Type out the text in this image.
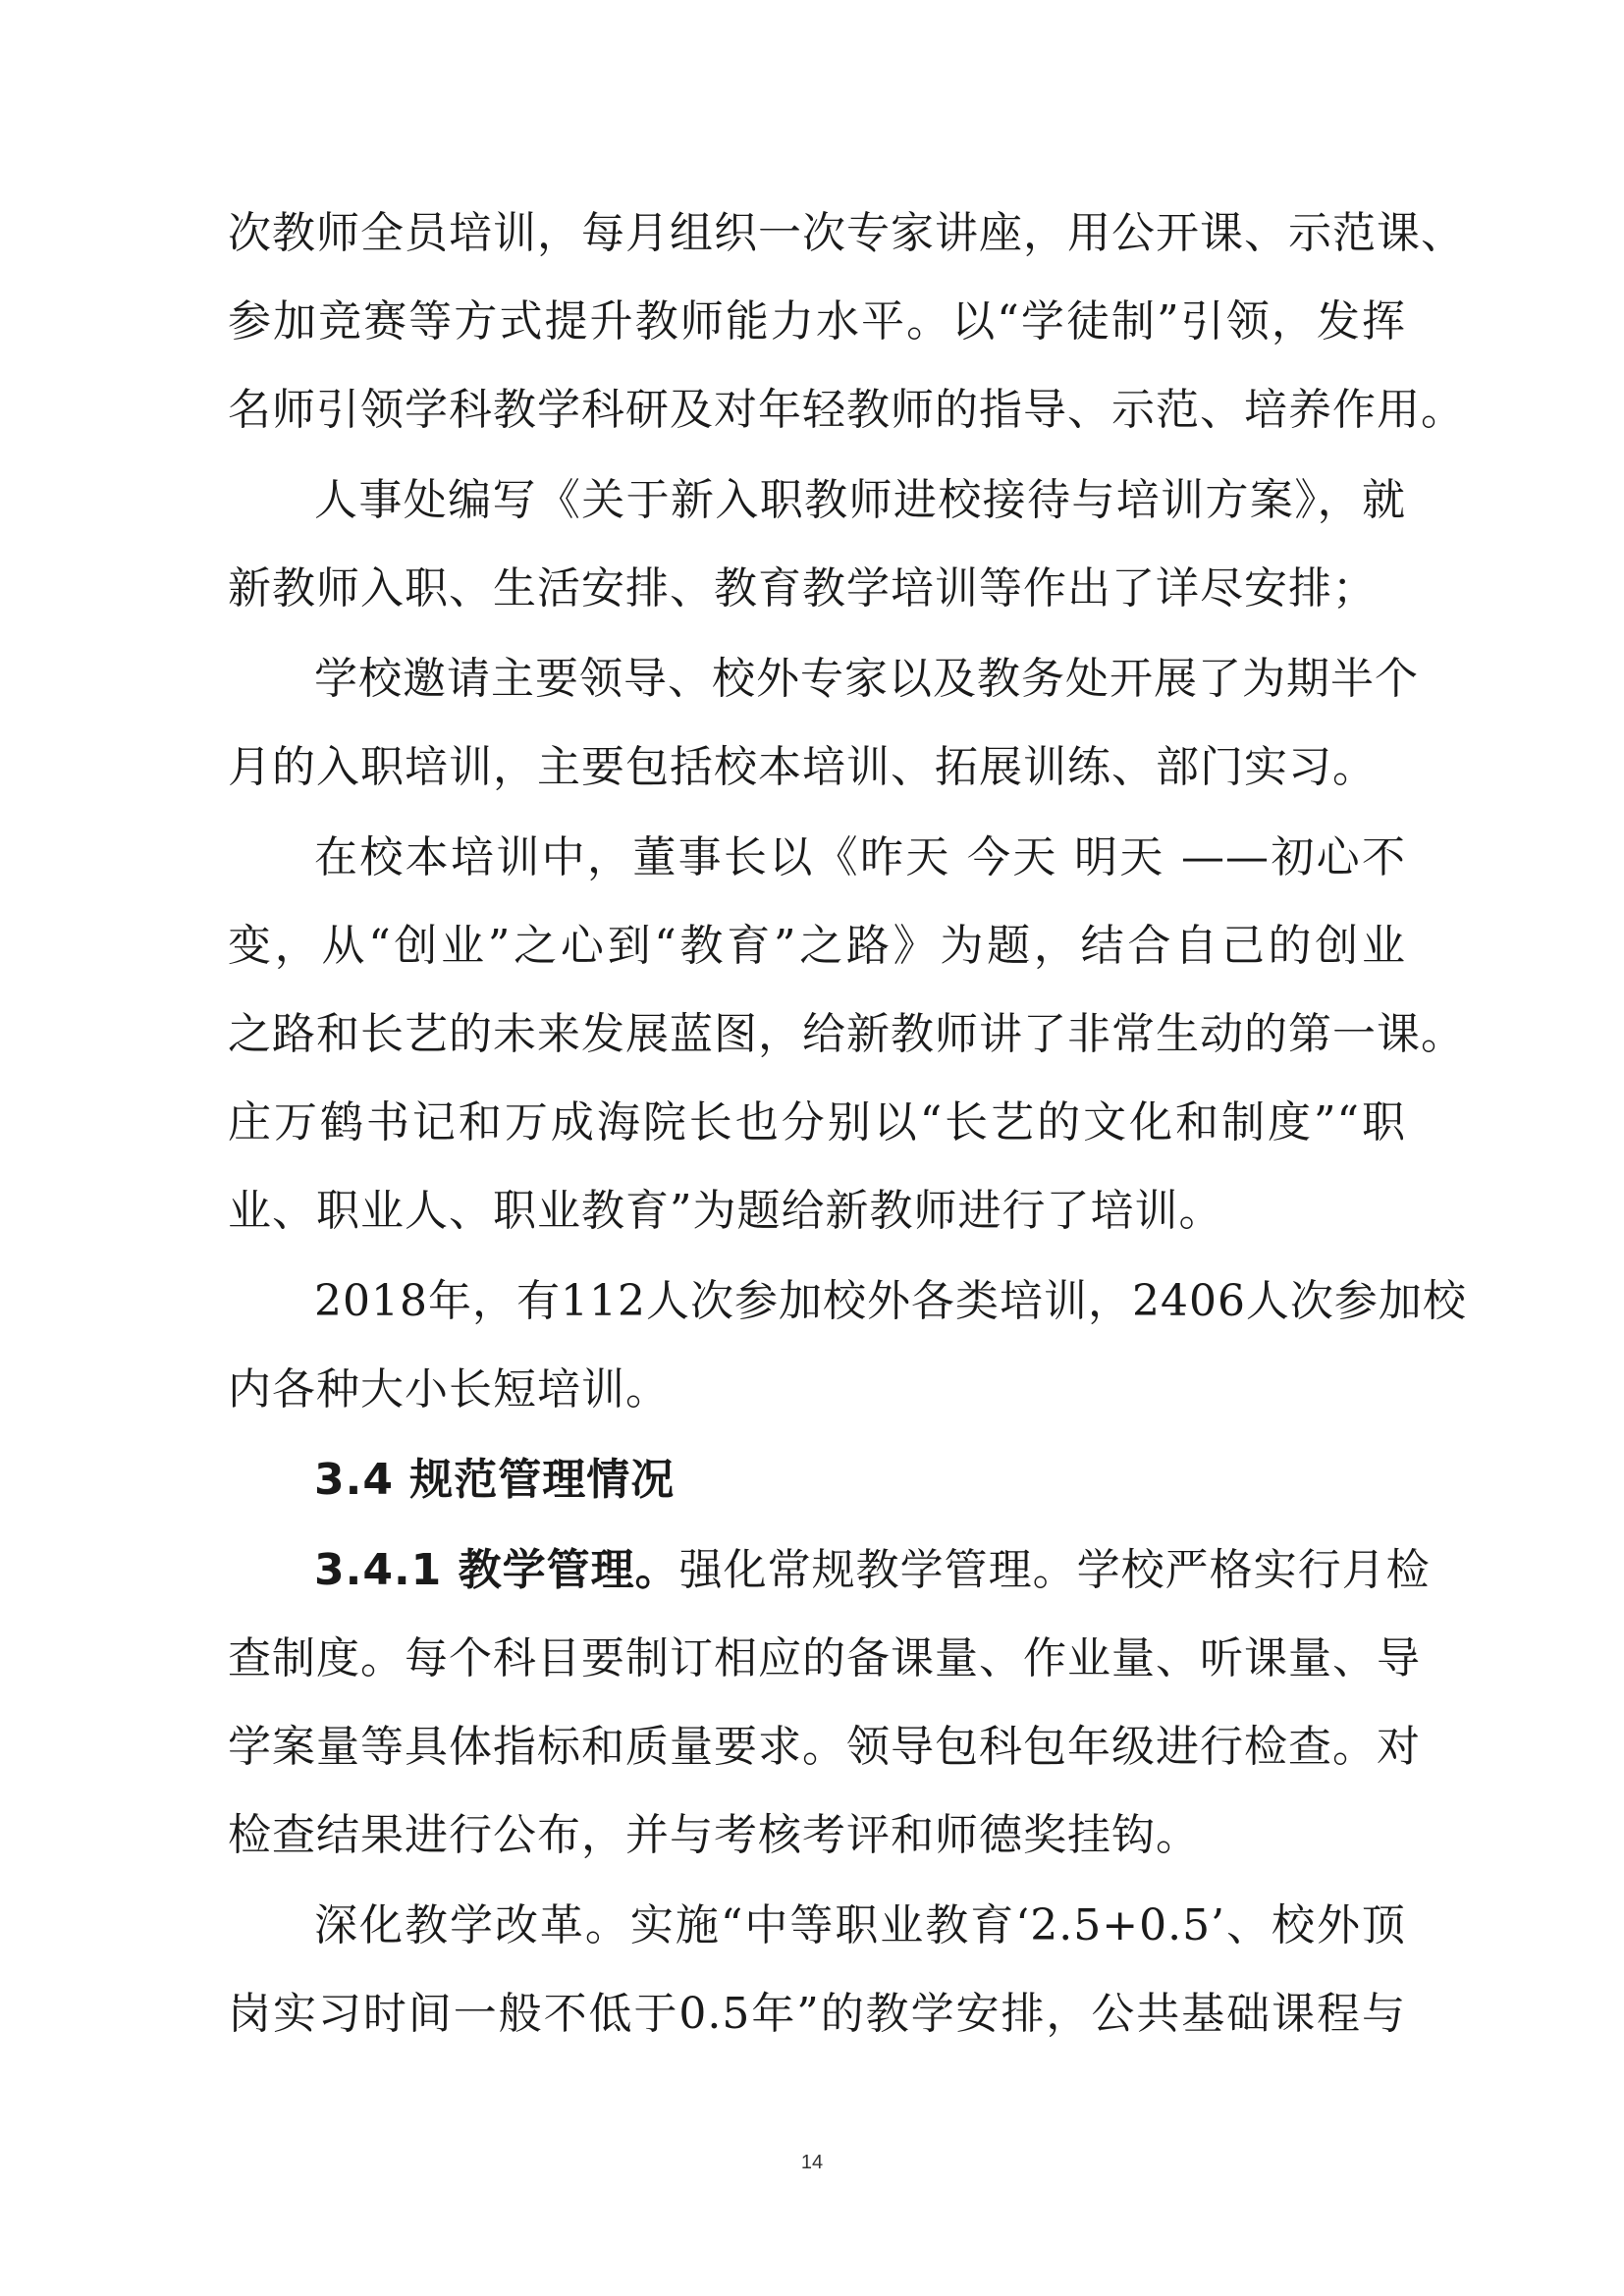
次教师全员培训，每月组织一次专家讲座，用公开课、示范课、
参加竞赛等方式提升教师能力水平。以“学徒制”引领，发挥
名师引领学科教学科研及对年轻教师的指导、示范、培养作用。
人事处编写《关于新入职教师进校接待与培训方案》，就
新教师入职、生活安排、教育教学培训等作出了详尽安排；
学校邀请主要领导、校外专家以及教务处开展了为期半个
月的入职培训，主要包括校本培训、拓展训练、部门实习。
在校本培训中，董事长以《昨天 今天 明天 ——初心不
变，从“创业”之心到“教育”之路》为题，结合自己的创业
之路和长艺的未来发展蓝图，给新教师讲了非常生动的第一课。
庄万鹤书记和万成海院长也分别以“长艺的文化和制度”“职
业、职业人、职业教育”为题给新教师进行了培训。
2018年，有112人次参加校外各类培训，2406人次参加校
内各种大小长短培训。
3.4 规范管理情况
3.4.1 教学管理。强化常规教学管理。学校严格实行月检
查制度。每个科目要制订相应的备课量、作业量、听课量、导
学案量等具体指标和质量要求。领导包科包年级进行检查。对
检查结果进行公布，并与考核考评和师德奖挂钩。
深化教学改革。实施“中等职业教育‘2.5+0.5’、校外顶
岗实习时间一般不低于0.5年”的教学安排，公共基础课程与
14
